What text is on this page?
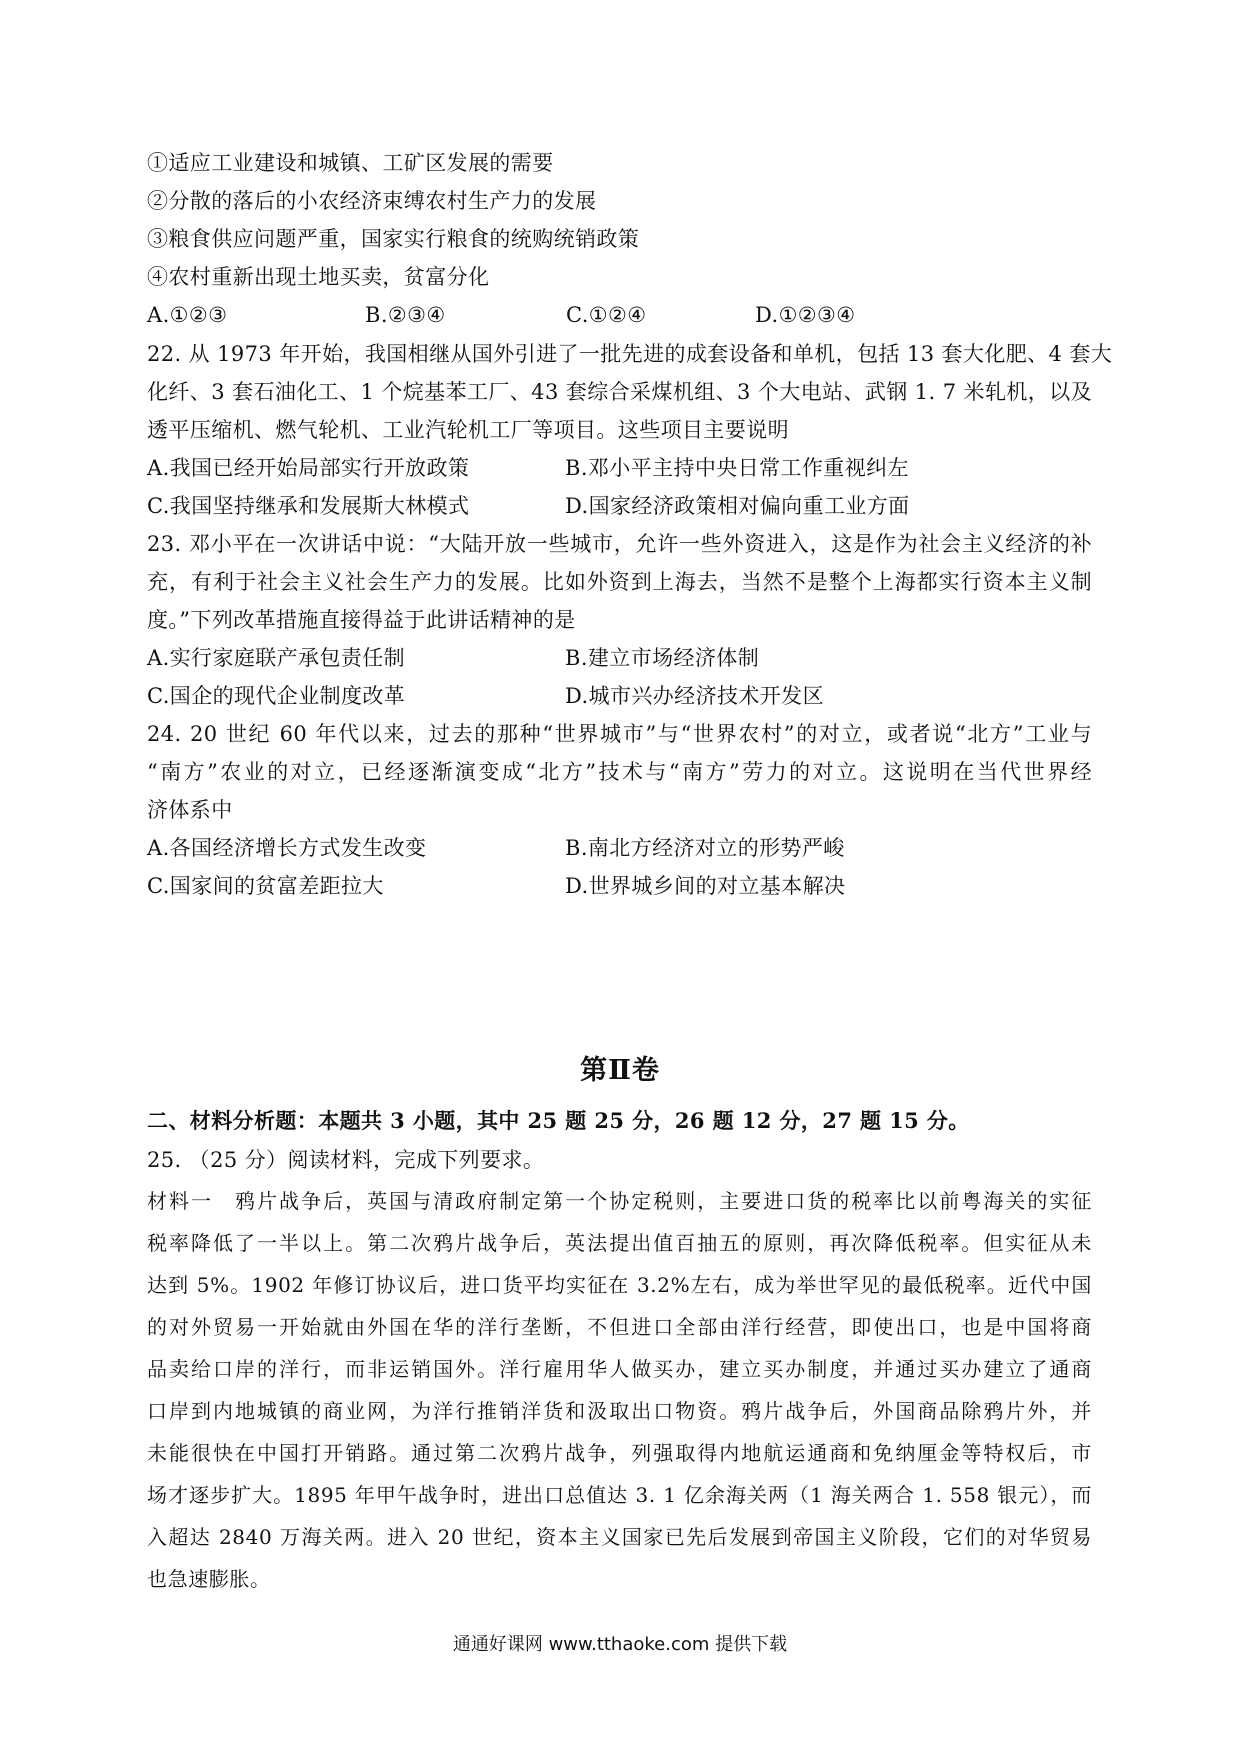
①适应工业建设和城镇、工矿区发展的需要
②分散的落后的小农经济束缚农村生产力的发展
③粮食供应问题严重，国家实行粮食的统购统销政策
④农村重新出现土地买卖，贫富分化
A.①②③	B.②③④	C.①②④	D.①②③④
22. 从 1973 年开始，我国相继从国外引进了一批先进的成套设备和单机，包括 13 套大化肥、4 套大
化纤、3 套石油化工、1 个烷基苯工厂、43 套综合采煤机组、3 个大电站、武钢 1. 7 米轧机，以及
透平压缩机、燃气轮机、工业汽轮机工厂等项目。这些项目主要说明
A.我国已经开始局部实行开放政策	B.邓小平主持中央日常工作重视纠左
C.我国坚持继承和发展斯大林模式	D.国家经济政策相对偏向重工业方面
23. 邓小平在一次讲话中说：“大陆开放一些城市，允许一些外资进入，这是作为社会主义经济的补
充，有利于社会主义社会生产力的发展。比如外资到上海去，当然不是整个上海都实行资本主义制
度。”下列改革措施直接得益于此讲话精神的是
A.实行家庭联产承包责任制	B.建立市场经济体制
C.国企的现代企业制度改革	D.城市兴办经济技术开发区
24. 20 世纪 60 年代以来，过去的那种“世界城市”与“世界农村”的对立，或者说“北方”工业与
“南方”农业的对立，已经逐渐演变成“北方”技术与“南方”劳力的对立。这说明在当代世界经
济体系中
A.各国经济增长方式发生改变	B.南北方经济对立的形势严峻
C.国家间的贫富差距拉大	D.世界城乡间的对立基本解决
第Ⅱ卷
二、材料分析题：本题共 3 小题，其中 25 题 25 分，26 题 12 分，27 题 15 分。
25. （25 分）阅读材料，完成下列要求。
材料一　鸦片战争后，英国与清政府制定第一个协定税则，主要进口货的税率比以前粤海关的实征
税率降低了一半以上。第二次鸦片战争后，英法提出值百抽五的原则，再次降低税率。但实征从未
达到 5%。1902 年修订协议后，进口货平均实征在 3.2%左右，成为举世罕见的最低税率。近代中国
的对外贸易一开始就由外国在华的洋行垄断，不但进口全部由洋行经营，即使出口，也是中国将商
品卖给口岸的洋行，而非运销国外。洋行雇用华人做买办，建立买办制度，并通过买办建立了通商
口岸到内地城镇的商业网，为洋行推销洋货和汲取出口物资。鸦片战争后，外国商品除鸦片外，并
未能很快在中国打开销路。通过第二次鸦片战争，列强取得内地航运通商和免纳厘金等特权后，市
场才逐步扩大。1895 年甲午战争时，进出口总值达 3. 1 亿余海关两（1 海关两合 1. 558 银元），而
入超达 2840 万海关两。进入 20 世纪，资本主义国家已先后发展到帝国主义阶段，它们的对华贸易
也急速膨胀。
通通好课网 www.tthaoke.com 提供下载
